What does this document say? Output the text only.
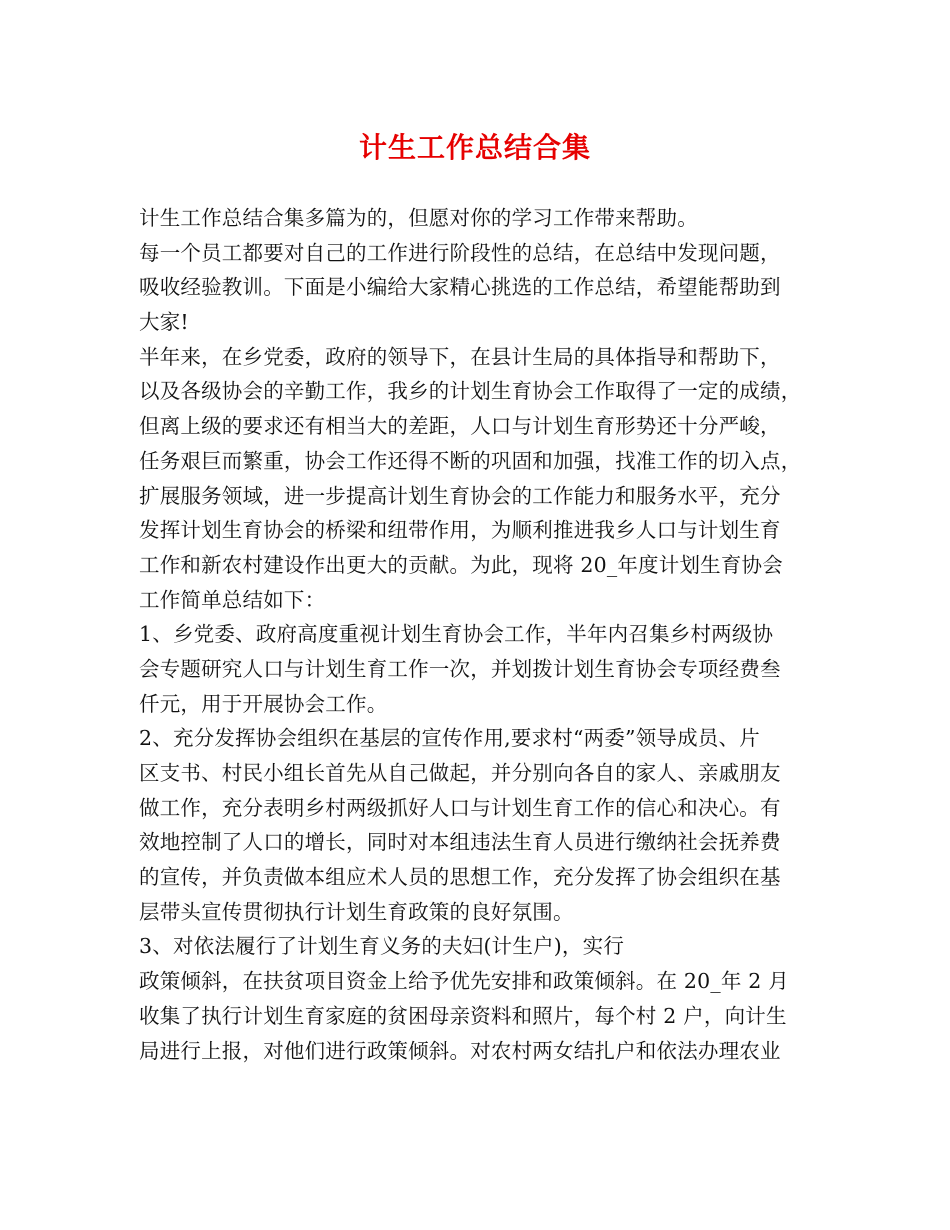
计生工作总结合集
计生工作总结合集多篇为的，但愿对你的学习工作带来帮助。
每一个员工都要对自己的工作进行阶段性的总结，在总结中发现问题，
吸收经验教训。下面是小编给大家精心挑选的工作总结，希望能帮助到
大家!
半年来，在乡党委，政府的领导下，在县计生局的具体指导和帮助下，
以及各级协会的辛勤工作，我乡的计划生育协会工作取得了一定的成绩，
但离上级的要求还有相当大的差距，人口与计划生育形势还十分严峻，
任务艰巨而繁重，协会工作还得不断的巩固和加强，找准工作的切入点，
扩展服务领域，进一步提高计划生育协会的工作能力和服务水平，充分
发挥计划生育协会的桥梁和纽带作用，为顺利推进我乡人口与计划生育
工作和新农村建设作出更大的贡献。为此，现将 20_年度计划生育协会
工作简单总结如下：
1、乡党委、政府高度重视计划生育协会工作，半年内召集乡村两级协
会专题研究人口与计划生育工作一次，并划拨计划生育协会专项经费叁
仟元，用于开展协会工作。
2、充分发挥协会组织在基层的宣传作用,要求村“两委”领导成员、片
区支书、村民小组长首先从自己做起，并分别向各自的家人、亲戚朋友
做工作，充分表明乡村两级抓好人口与计划生育工作的信心和决心。有
效地控制了人口的增长，同时对本组违法生育人员进行缴纳社会抚养费
的宣传，并负责做本组应术人员的思想工作，充分发挥了协会组织在基
层带头宣传贯彻执行计划生育政策的良好氛围。
3、对依法履行了计划生育义务的夫妇(计生户)，实行
政策倾斜，在扶贫项目资金上给予优先安排和政策倾斜。在 20_年 2 月
收集了执行计划生育家庭的贫困母亲资料和照片，每个村 2 户，向计生
局进行上报，对他们进行政策倾斜。对农村两女结扎户和依法办理农业
